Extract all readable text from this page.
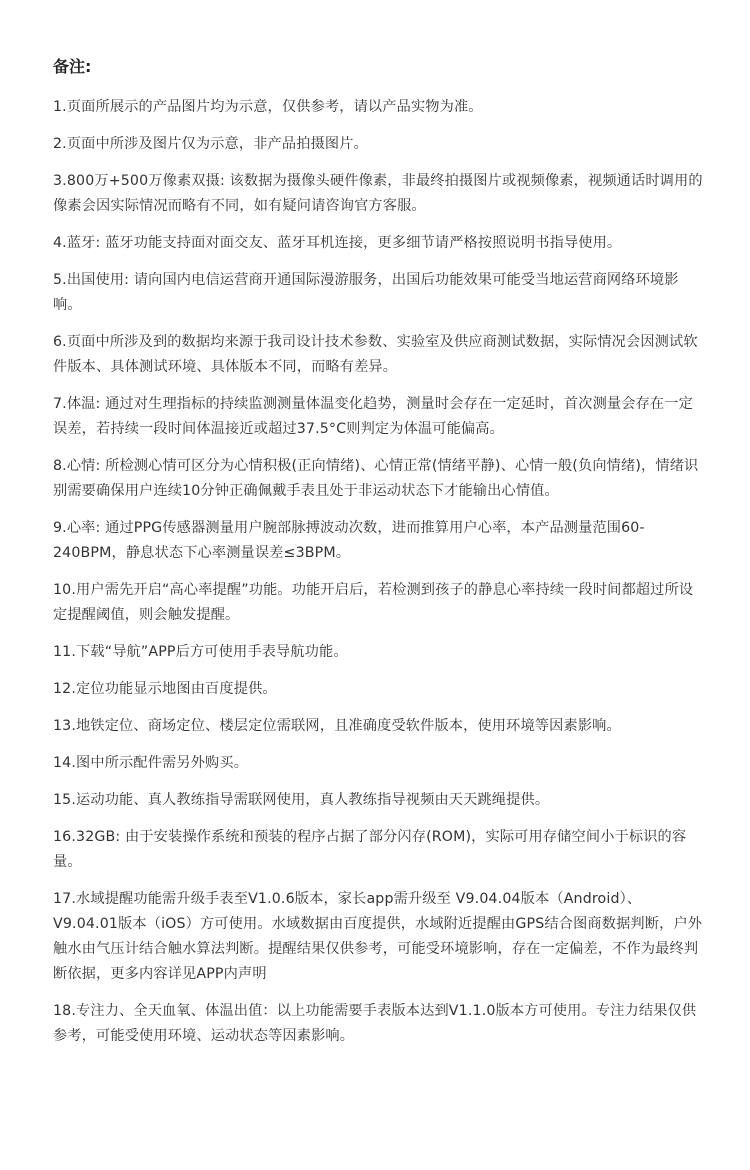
备注:
1.页面所展示的产品图片均为示意，仅供参考，请以产品实物为准。
2.页面中所涉及图片仅为示意，非产品拍摄图片。
3.800万+500万像素双摄: 该数据为摄像头硬件像素，非最终拍摄图片或视频像素，视频通话时调用的像素会因实际情况而略有不同，如有疑问请咨询官方客服。
4.蓝牙: 蓝牙功能支持面对面交友、蓝牙耳机连接，更多细节请严格按照说明书指导使用。
5.出国使用: 请向国内电信运营商开通国际漫游服务，出国后功能效果可能受当地运营商网络环境影响。
6.页面中所涉及到的数据均来源于我司设计技术参数、实验室及供应商测试数据，实际情况会因测试软件版本、具体测试环境、具体版本不同，而略有差异。
7.体温: 通过对生理指标的持续监测测量体温变化趋势，测量时会存在一定延时，首次测量会存在一定误差，若持续一段时间体温接近或超过37.5°C则判定为体温可能偏高。
8.心情: 所检测心情可区分为心情积极(正向情绪)、心情正常(情绪平静)、心情一般(负向情绪)，情绪识别需要确保用户连续10分钟正确佩戴手表且处于非运动状态下才能输出心情值。
9.心率: 通过PPG传感器测量用户腕部脉搏波动次数，进而推算用户心率，本产品测量范围60-240BPM，静息状态下心率测量误差≤3BPM。
10.用户需先开启“高心率提醒”功能。功能开启后，若检测到孩子的静息心率持续一段时间都超过所设定提醒阈值，则会触发提醒。
11.下载“导航”APP后方可使用手表导航功能。
12.定位功能显示地图由百度提供。
13.地铁定位、商场定位、楼层定位需联网，且准确度受软件版本，使用环境等因素影响。
14.图中所示配件需另外购买。
15.运动功能、真人教练指导需联网使用，真人教练指导视频由天天跳绳提供。
16.32GB: 由于安装操作系统和预装的程序占据了部分闪存(ROM)，实际可用存储空间小于标识的容量。
17.水域提醒功能需升级手表至V1.0.6版本，家长app需升级至 V9.04.04版本（Android）、V9.04.01版本（iOS）方可使用。水域数据由百度提供，水域附近提醒由GPS结合图商数据判断，户外触水由气压计结合触水算法判断。提醒结果仅供参考，可能受环境影响，存在一定偏差，不作为最终判断依据，更多内容详见APP内声明
18.专注力、全天血氧、体温出值：以上功能需要手表版本达到V1.1.0版本方可使用。专注力结果仅供参考，可能受使用环境、运动状态等因素影响。
